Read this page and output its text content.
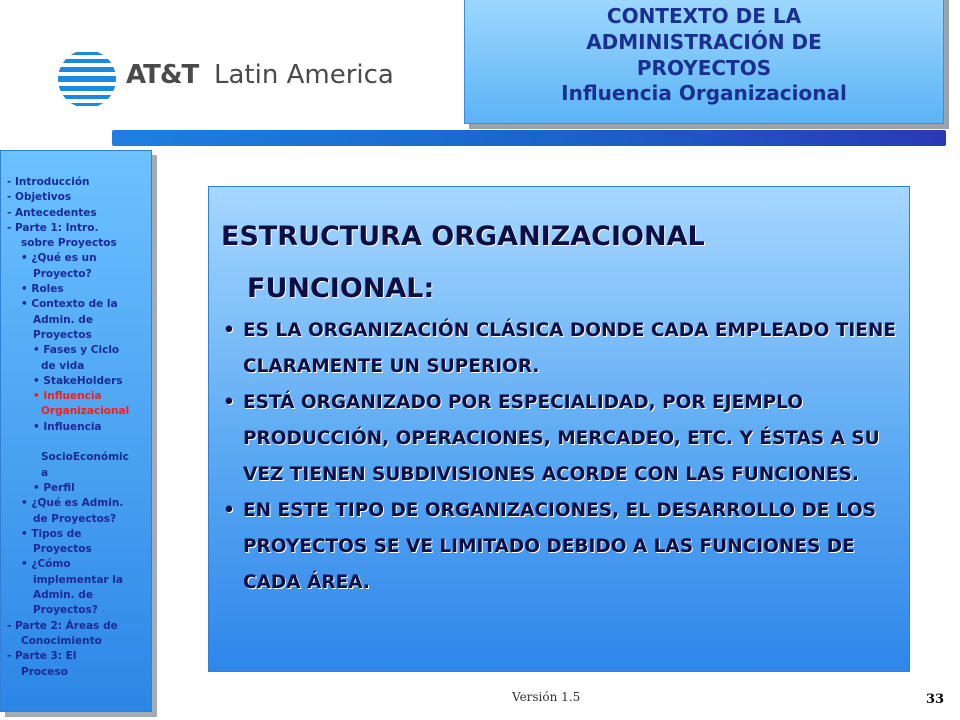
AT&T Latin America
CONTEXTO DE LA ADMINISTRACIÓN DE PROYECTOS
Influencia Organizacional
- Introducción
- Objetivos
- Antecedentes
- Parte 1: Intro.
sobre Proyectos
• ¿Qué es un
Proyecto?
• Roles
• Contexto de la
Admin. de
Proyectos
• Fases y Ciclo
de vida
• StakeHolders
• Influencia
Organizacional
• Influencia
SocioEconómic
a
• Perfil
• ¿Qué es Admin.
de Proyectos?
• Tipos de
Proyectos
• ¿Cómo
implementar la
Admin. de
Proyectos?
- Parte 2: Áreas de
Conocimiento
- Parte 3: El
Proceso
ESTRUCTURA ORGANIZACIONAL
FUNCIONAL:
• ES LA ORGANIZACIÓN CLÁSICA DONDE CADA EMPLEADO TIENE CLARAMENTE UN SUPERIOR.
• ESTÁ ORGANIZADO POR ESPECIALIDAD, POR EJEMPLO PRODUCCIÓN, OPERACIONES, MERCADEO, ETC. Y ÉSTAS A SU VEZ TIENEN SUBDIVISIONES ACORDE CON LAS FUNCIONES.
• EN ESTE TIPO DE ORGANIZACIONES, EL DESARROLLO DE LOS PROYECTOS SE VE LIMITADO DEBIDO A LAS FUNCIONES DE CADA ÁREA.
Versión 1.5	33
